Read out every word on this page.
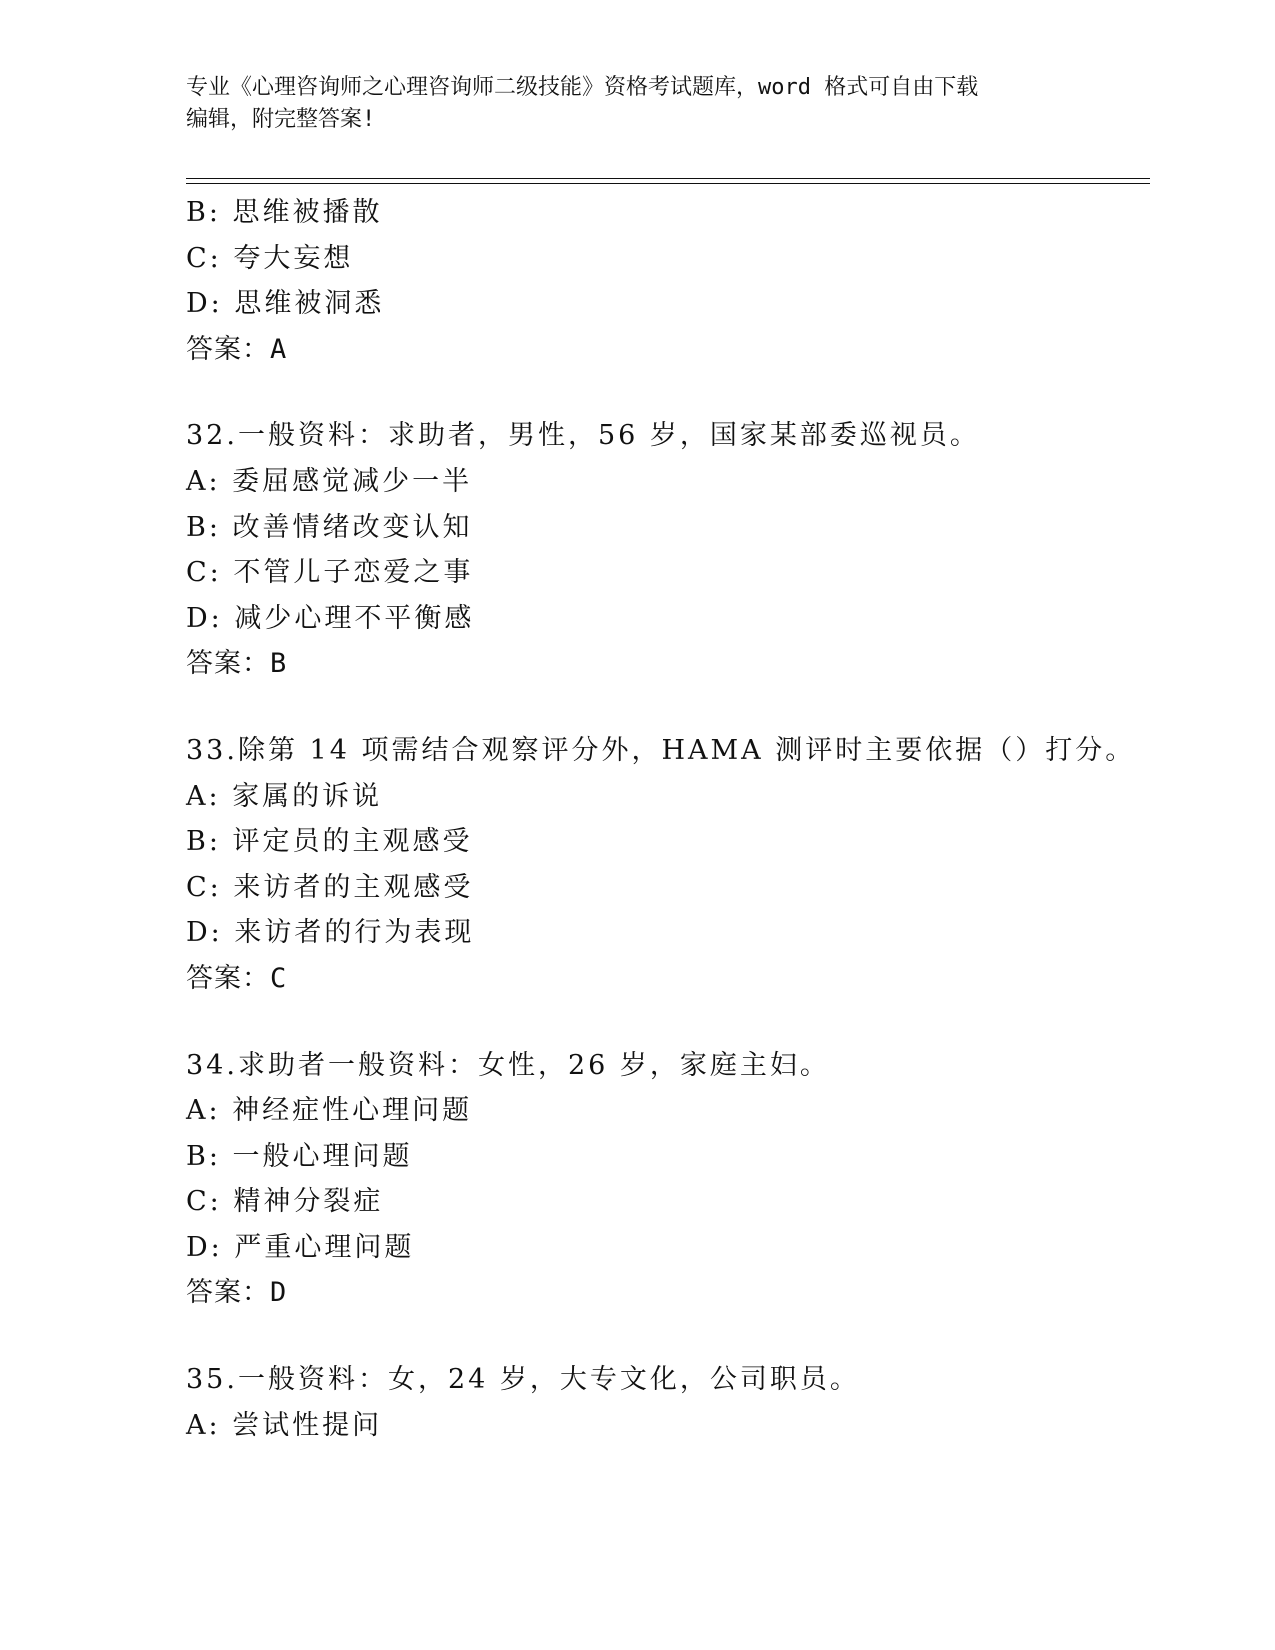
专业《心理咨询师之心理咨询师二级技能》资格考试题库，word 格式可自由下载
编辑，附完整答案!
B: 思维被播散
C: 夸大妄想
D: 思维被洞悉
答案：A
32.一般资料：求助者，男性，56 岁，国家某部委巡视员。
A: 委屈感觉减少一半
B: 改善情绪改变认知
C: 不管儿子恋爱之事
D: 减少心理不平衡感
答案：B
33.除第 14 项需结合观察评分外，HAMA 测评时主要依据（）打分。
A: 家属的诉说
B: 评定员的主观感受
C: 来访者的主观感受
D: 来访者的行为表现
答案：C
34.求助者一般资料：女性，26 岁，家庭主妇。
A: 神经症性心理问题
B: 一般心理问题
C: 精神分裂症
D: 严重心理问题
答案：D
35.一般资料：女，24 岁，大专文化，公司职员。
A: 尝试性提问
